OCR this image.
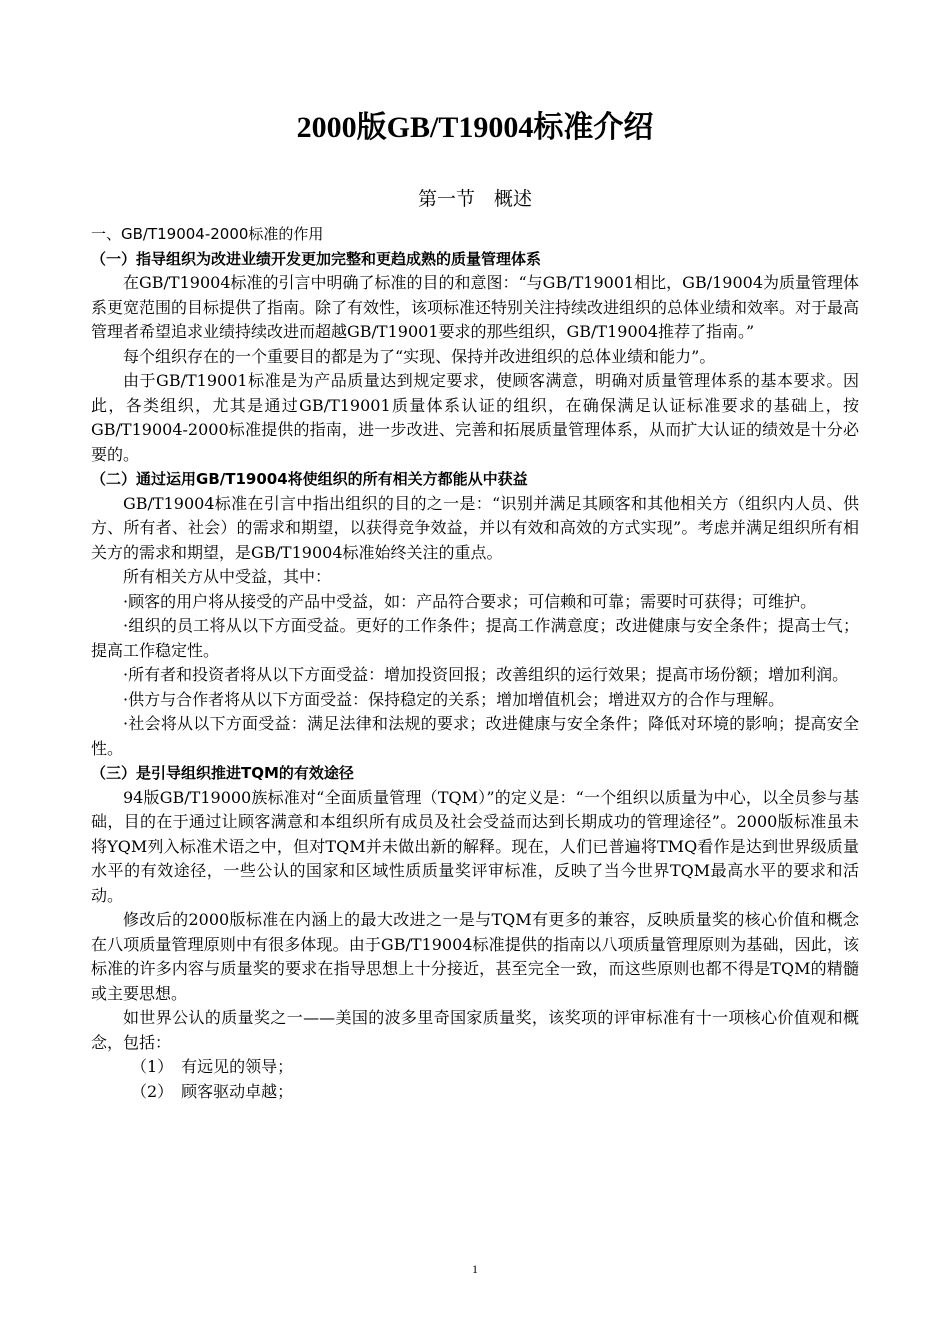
2000版GB/T19004标准介绍
第一节　概述
一、GB/T19004-2000标准的作用
（一）指导组织为改进业绩开发更加完整和更趋成熟的质量管理体系

在GB/T19004标准的引言中明确了标准的目的和意图：“与GB/T19001相比，GB/19004为质量管理体系更宽范围的目标提供了指南。除了有效性，该项标准还特别关注持续改进组织的总体业绩和效率。对于最高管理者希望追求业绩持续改进而超越GB/T19001要求的那些组织，GB/T19004推荐了指南。”

每个组织存在的一个重要目的都是为了“实现、保持并改进组织的总体业绩和能力”。

由于GB/T19001标准是为产品质量达到规定要求，使顾客满意，明确对质量管理体系的基本要求。因此，各类组织，尤其是通过GB/T19001质量体系认证的组织，在确保满足认证标准要求的基础上，按GB/T19004-2000标准提供的指南，进一步改进、完善和拓展质量管理体系，从而扩大认证的绩效是十分必要的。

（二）通过运用GB/T19004将使组织的所有相关方都能从中获益

GB/T19004标准在引言中指出组织的目的之一是：“识别并满足其顾客和其他相关方（组织内人员、供方、所有者、社会）的需求和期望，以获得竞争效益，并以有效和高效的方式实现”。考虑并满足组织所有相关方的需求和期望，是GB/T19004标准始终关注的重点。

所有相关方从中受益，其中：

·顾客的用户将从接受的产品中受益，如：产品符合要求；可信赖和可靠；需要时可获得；可维护。

·组织的员工将从以下方面受益。更好的工作条件；提高工作满意度；改进健康与安全条件；提高士气；提高工作稳定性。

·所有者和投资者将从以下方面受益：增加投资回报；改善组织的运行效果；提高市场份额；增加利润。

·供方与合作者将从以下方面受益：保持稳定的关系；增加增值机会；增进双方的合作与理解。

·社会将从以下方面受益：满足法律和法规的要求；改进健康与安全条件；降低对环境的影响；提高安全性。

（三）是引导组织推进TQM的有效途径

94版GB/T19000族标准对“全面质量管理（TQM）”的定义是：“一个组织以质量为中心，以全员参与基础，目的在于通过让顾客满意和本组织所有成员及社会受益而达到长期成功的管理途径”。2000版标准虽未将YQM列入标准术语之中，但对TQM并未做出新的解释。现在，人们已普遍将TMQ看作是达到世界级质量水平的有效途径，一些公认的国家和区域性质质量奖评审标准，反映了当今世界TQM最高水平的要求和活动。

修改后的2000版标准在内涵上的最大改进之一是与TQM有更多的兼容，反映质量奖的核心价值和概念在八项质量管理原则中有很多体现。由于GB/T19004标准提供的指南以八项质量管理原则为基础，因此，该标准的许多内容与质量奖的要求在指导思想上十分接近，甚至完全一致，而这些原则也都不得是TQM的精髓或主要思想。

如世界公认的质量奖之一——美国的波多里奇国家质量奖，该奖项的评审标准有十一项核心价值观和概念，包括：

（1）　有远见的领导；

（2）　顾客驱动卓越；

1
